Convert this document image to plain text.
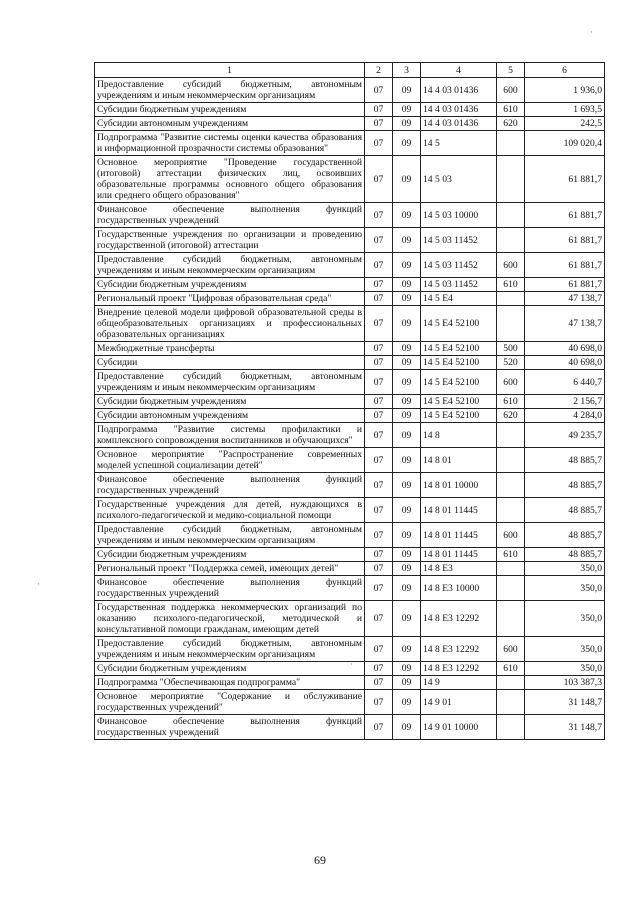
1	2	3	4	5	6
Предоставление субсидий бюджетным, автономным учреждениям и иным некоммерческим организациям	07	09	14 4 03 01436	600	1 936,0
Субсидии бюджетным учреждениям	07	09	14 4 03 01436	610	1 693,5
Субсидии автономным учреждениям	07	09	14 4 03 01436	620	242,5
Подпрограмма "Развитие системы оценки качества образования и информационной прозрачности системы образования"	07	09	14 5		109 020,4
Основное мероприятие "Проведение государственной (итоговой) аттестации физических лиц, освоивших образовательные программы основного общего образования или среднего общего образования"	07	09	14 5 03		61 881,7
Финансовое обеспечение выполнения функций государственных учреждений	07	09	14 5 03 10000		61 881,7
Государственные учреждения по организации и проведению государственной (итоговой) аттестации	07	09	14 5 03 11452		61 881,7
Предоставление субсидий бюджетным, автономным учреждениям и иным некоммерческим организациям	07	09	14 5 03 11452	600	61 881,7
Субсидии бюджетным учреждениям	07	09	14 5 03 11452	610	61 881,7
Региональный проект "Цифровая образовательная среда"	07	09	14 5 E4		47 138,7
Внедрение целевой модели цифровой образовательной среды в общеобразовательных организациях и профессиональных образовательных организациях	07	09	14 5 E4 52100		47 138,7
Межбюджетные трансферты	07	09	14 5 E4 52100	500	40 698,0
Субсидии	07	09	14 5 E4 52100	520	40 698,0
Предоставление субсидий бюджетным, автономным учреждениям и иным некоммерческим организациям	07	09	14 5 E4 52100	600	6 440,7
Субсидии бюджетным учреждениям	07	09	14 5 E4 52100	610	2 156,7
Субсидии автономным учреждениям	07	09	14 5 E4 52100	620	4 284,0
Подпрограмма "Развитие системы профилактики и комплексного сопровождения воспитанников и обучающихся"	07	09	14 8		49 235,7
Основное мероприятие "Распространение современных моделей успешной социализации детей"	07	09	14 8 01		48 885,7
Финансовое обеспечение выполнения функций государственных учреждений	07	09	14 8 01 10000		48 885,7
Государственные учреждения для детей, нуждающихся в психолого-педагогической и медико-социальной помощи	07	09	14 8 01 11445		48 885,7
Предоставление субсидий бюджетным, автономным учреждениям и иным некоммерческим организациям	07	09	14 8 01 11445	600	48 885,7
Субсидии бюджетным учреждениям	07	09	14 8 01 11445	610	48 885,7
Региональный проект "Поддержка семей, имеющих детей"	07	09	14 8 E3		350,0
Финансовое обеспечение выполнения функций государственных учреждений	07	09	14 8 E3 10000		350,0
Государственная поддержка некоммерческих организаций по оказанию психолого-педагогической, методической и консультативной помощи гражданам, имеющим детей	07	09	14 8 E3 12292		350,0
Предоставление субсидий бюджетным, автономным учреждениям и иным некоммерческим организациям	07	09	14 8 E3 12292	600	350,0
Субсидии бюджетным учреждениям	07	09	14 8 E3 12292	610	350,0
Подпрограмма "Обеспечивающая подпрограмма"	07	09	14 9		103 387,3
Основное мероприятие "Содержание и обслуживание государственных учреждений"	07	09	14 9 01		31 148,7
Финансовое обеспечение выполнения функций государственных учреждений	07	09	14 9 01 10000		31 148,7
69
·
·
·
